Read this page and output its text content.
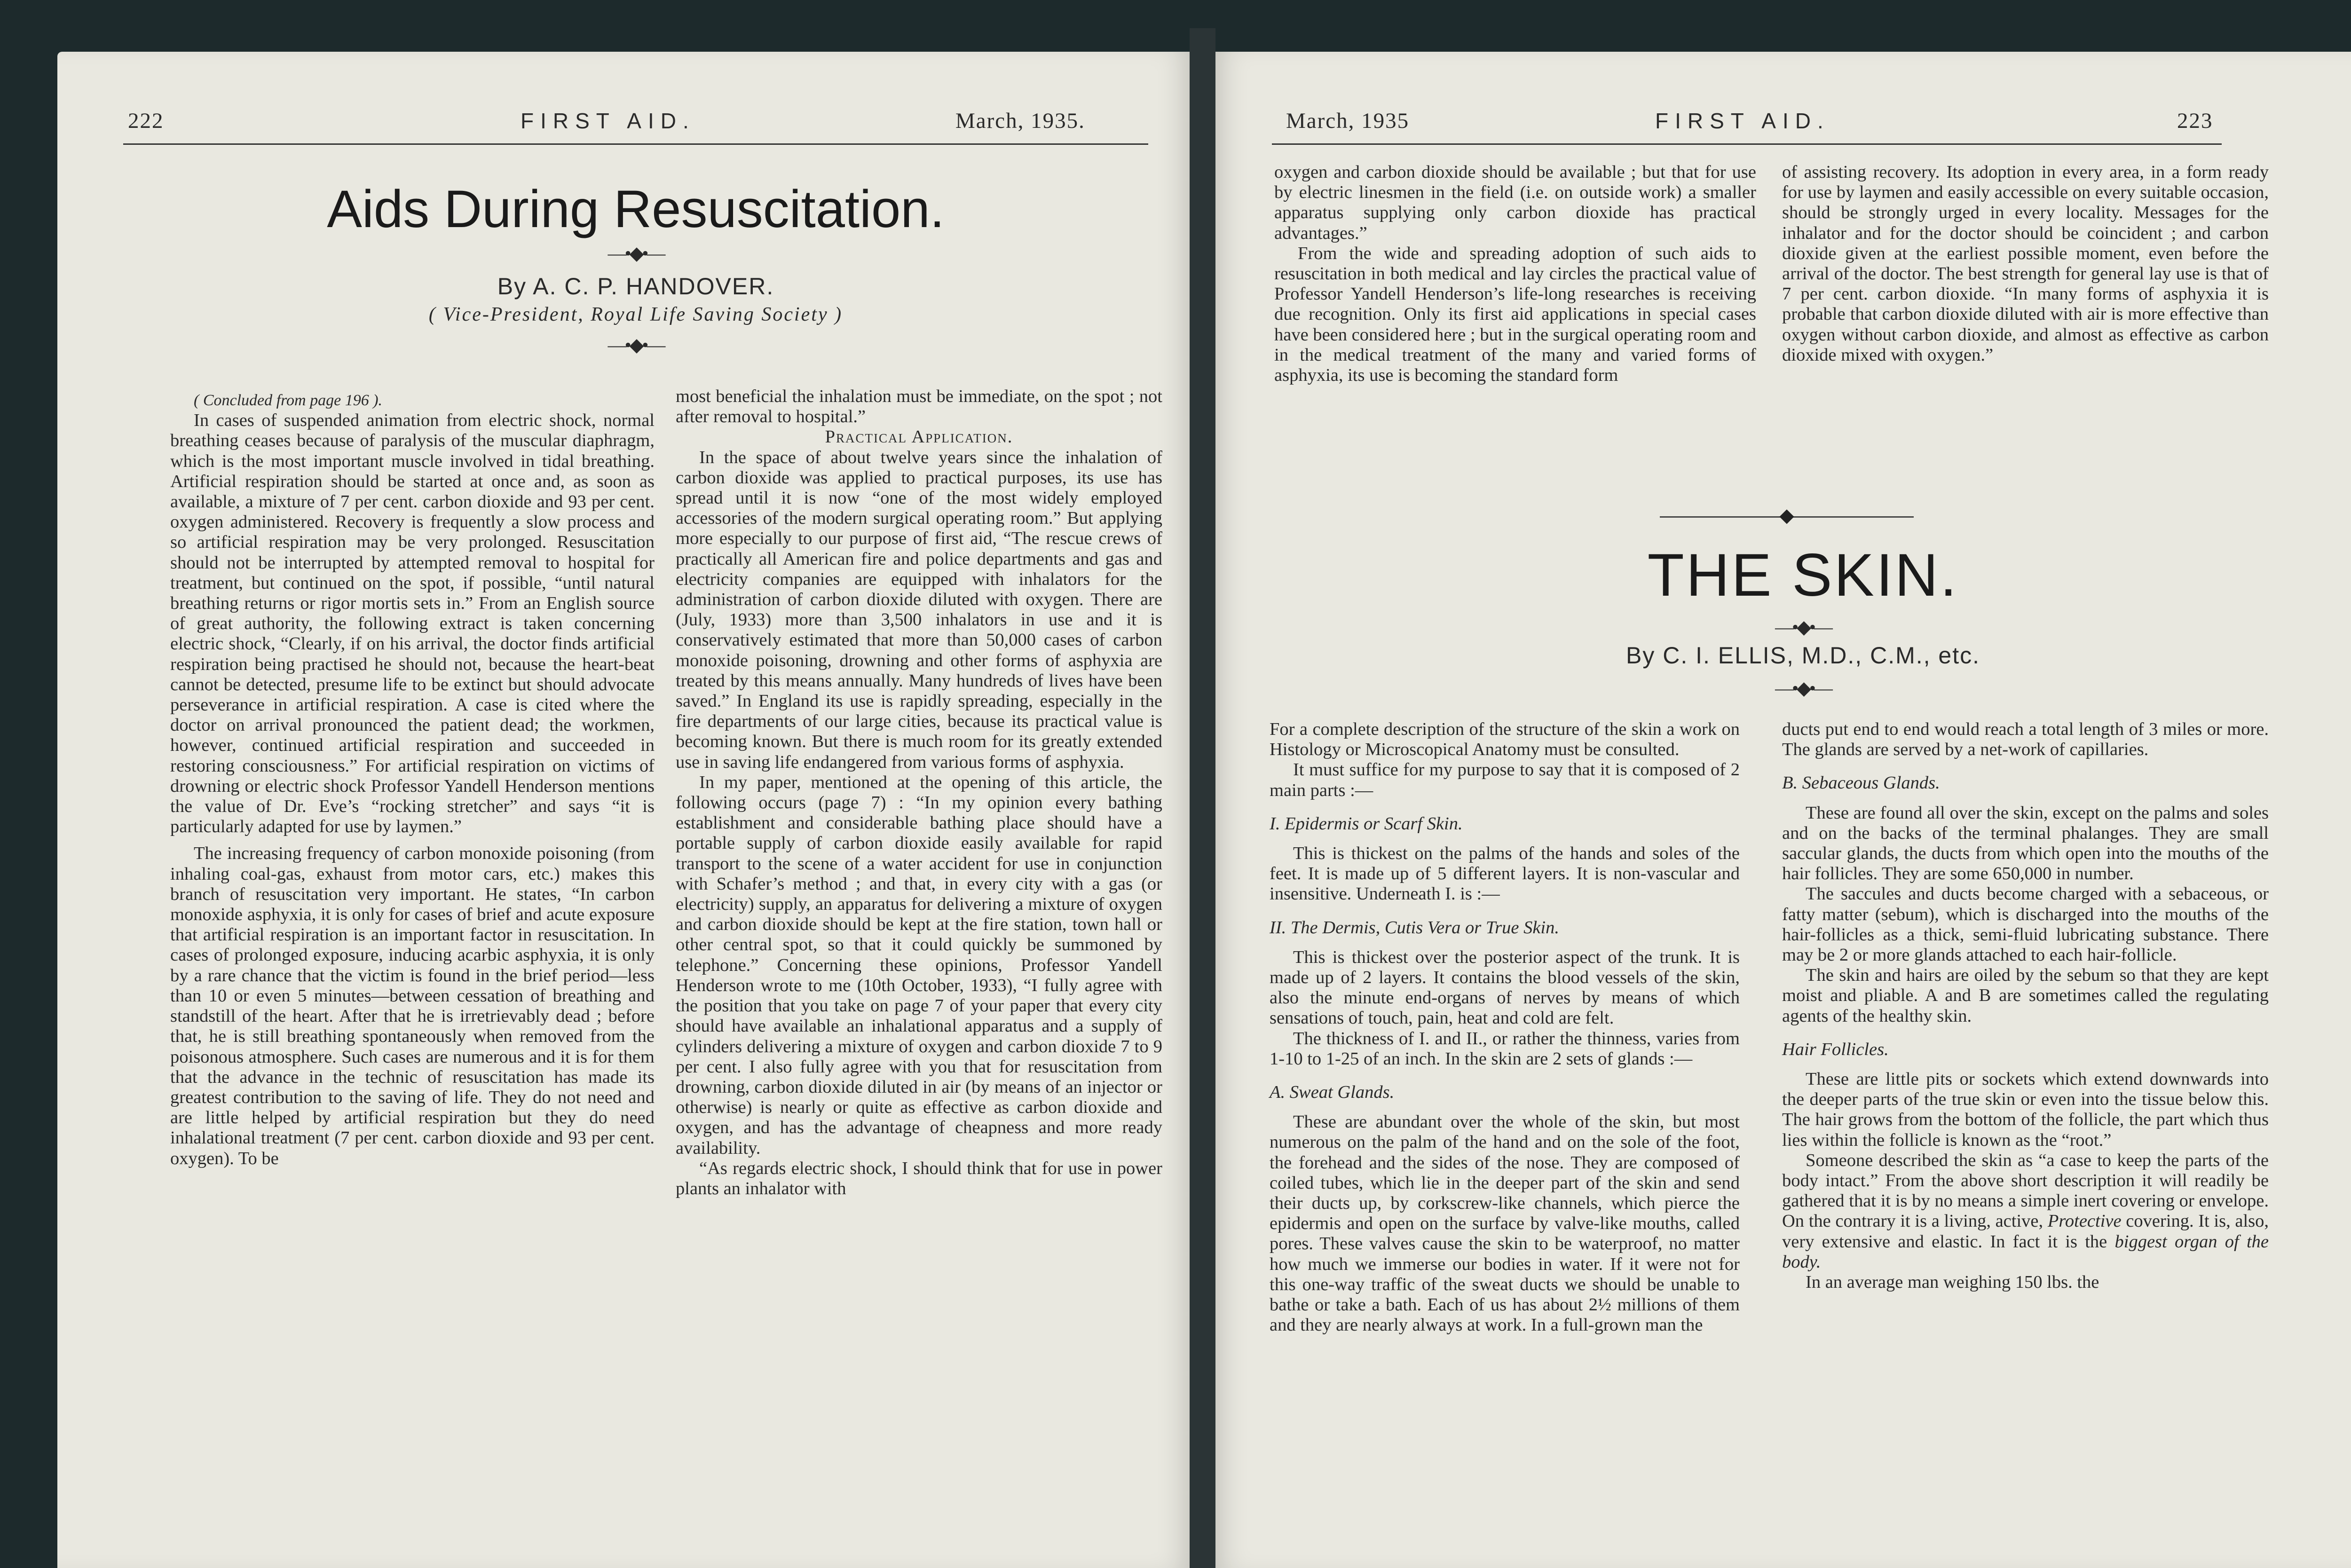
222	FIRST AID.	March, 1935.
Aids During Resuscitation.
—•◆•—
By A. C. P. HANDOVER.
( Vice-President, Royal Life Saving Society )
—•◆•—

( Concluded from page 196 ).

In cases of suspended animation from electric shock, normal breathing ceases because of paralysis of the muscular diaphragm, which is the most important muscle involved in tidal breathing. Artificial respiration should be started at once and, as soon as available, a mixture of 7 per cent. carbon dioxide and 93 per cent. oxygen administered. Recovery is frequently a slow process and so artificial respiration may be very prolonged. Resuscitation should not be interrupted by attempted removal to hospital for treatment, but continued on the spot, if possible, “until natural breathing returns or rigor mortis sets in.” From an English source of great authority, the following extract is taken concerning electric shock, “Clearly, if on his arrival, the doctor finds artificial respiration being practised he should not, because the heart-beat cannot be detected, presume life to be extinct but should advocate perseverance in artificial respiration. A case is cited where the doctor on arrival pronounced the patient dead; the workmen, however, continued artificial respiration and succeeded in restoring consciousness.” For artificial respiration on victims of drowning or electric shock Professor Yandell Henderson mentions the value of Dr. Eve’s “rocking stretcher” and says “it is particularly adapted for use by laymen.”

The increasing frequency of carbon monoxide poisoning (from inhaling coal-gas, exhaust from motor cars, etc.) makes this branch of resuscitation very important. He states, “In carbon monoxide asphyxia, it is only for cases of brief and acute exposure that artificial respiration is an important factor in resuscitation. In cases of prolonged exposure, inducing acarbic asphyxia, it is only by a rare chance that the victim is found in the brief period—less than 10 or even 5 minutes—between cessation of breathing and standstill of the heart. After that he is irretrievably dead ; before that, he is still breathing spontaneously when removed from the poisonous atmosphere. Such cases are numerous and it is for them that the advance in the technic of resuscitation has made its greatest contribution to the saving of life. They do not need and are little helped by artificial respiration but they do need inhalational treatment (7 per cent. carbon dioxide and 93 per cent. oxygen). To be

most beneficial the inhalation must be immediate, on the spot ; not after removal to hospital.”

Practical Application.

In the space of about twelve years since the inhalation of carbon dioxide was applied to practical purposes, its use has spread until it is now “one of the most widely employed accessories of the modern surgical operating room.” But applying more especially to our purpose of first aid, “The rescue crews of practically all American fire and police departments and gas and electricity companies are equipped with inhalators for the administration of carbon dioxide diluted with oxygen. There are (July, 1933) more than 3,500 inhalators in use and it is conservatively estimated that more than 50,000 cases of carbon monoxide poisoning, drowning and other forms of asphyxia are treated by this means annually. Many hundreds of lives have been saved.” In England its use is rapidly spreading, especially in the fire departments of our large cities, because its practical value is becoming known. But there is much room for its greatly extended use in saving life endangered from various forms of asphyxia.

In my paper, mentioned at the opening of this article, the following occurs (page 7) : “In my opinion every bathing establishment and considerable bathing place should have a portable supply of carbon dioxide easily available for rapid transport to the scene of a water accident for use in conjunction with Schafer’s method ; and that, in every city with a gas (or electricity) supply, an apparatus for delivering a mixture of oxygen and carbon dioxide should be kept at the fire station, town hall or other central spot, so that it could quickly be summoned by telephone.” Concerning these opinions, Professor Yandell Henderson wrote to me (10th October, 1933), “I fully agree with the position that you take on page 7 of your paper that every city should have available an inhalational apparatus and a supply of cylinders delivering a mixture of oxygen and carbon dioxide 7 to 9 per cent. I also fully agree with you that for resuscitation from drowning, carbon dioxide diluted in air (by means of an injector or otherwise) is nearly or quite as effective as carbon dioxide and oxygen, and has the advantage of cheapness and more ready availability.

“As regards electric shock, I should think that for use in power plants an inhalator with

March, 1935	FIRST AID.	223

oxygen and carbon dioxide should be available ; but that for use by electric linesmen in the field (i.e. on outside work) a smaller apparatus supplying only carbon dioxide has practical advantages.”

From the wide and spreading adoption of such aids to resuscitation in both medical and lay circles the practical value of Professor Yandell Henderson’s life-long researches is receiving due recognition. Only its first aid applications in special cases have been considered here ; but in the surgical operating room and in the medical treatment of the many and varied forms of asphyxia, its use is becoming the standard form

of assisting recovery. Its adoption in every area, in a form ready for use by laymen and easily accessible on every suitable occasion, should be strongly urged in every locality. Messages for the inhalator and for the doctor should be coincident ; and carbon dioxide given at the earliest possible moment, even before the arrival of the doctor. The best strength for general lay use is that of 7 per cent. carbon dioxide. “In many forms of asphyxia it is probable that carbon dioxide diluted with air is more effective than oxygen without carbon dioxide, and almost as effective as carbon dioxide mixed with oxygen.”

THE SKIN.
—•◆•—
By C. I. ELLIS, M.D., C.M., etc.
—•◆•—

For a complete description of the structure of the skin a work on Histology or Microscopical Anatomy must be consulted.

It must suffice for my purpose to say that it is composed of 2 main parts :—

I. Epidermis or Scarf Skin.

This is thickest on the palms of the hands and soles of the feet. It is made up of 5 different layers. It is non-vascular and insensitive. Underneath I. is :—

II. The Dermis, Cutis Vera or True Skin.

This is thickest over the posterior aspect of the trunk. It is made up of 2 layers. It contains the blood vessels of the skin, also the minute end-organs of nerves by means of which sensations of touch, pain, heat and cold are felt.

The thickness of I. and II., or rather the thinness, varies from 1-10 to 1-25 of an inch. In the skin are 2 sets of glands :—

A. Sweat Glands.

These are abundant over the whole of the skin, but most numerous on the palm of the hand and on the sole of the foot, the forehead and the sides of the nose. They are composed of coiled tubes, which lie in the deeper part of the skin and send their ducts up, by corkscrew-like channels, which pierce the epidermis and open on the surface by valve-like mouths, called pores. These valves cause the skin to be waterproof, no matter how much we immerse our bodies in water. If it were not for this one-way traffic of the sweat ducts we should be unable to bathe or take a bath. Each of us has about 2½ millions of them and they are nearly always at work. In a full-grown man the

ducts put end to end would reach a total length of 3 miles or more. The glands are served by a net-work of capillaries.

B. Sebaceous Glands.

These are found all over the skin, except on the palms and soles and on the backs of the terminal phalanges. They are small saccular glands, the ducts from which open into the mouths of the hair follicles. They are some 650,000 in number.

The saccules and ducts become charged with a sebaceous, or fatty matter (sebum), which is discharged into the mouths of the hair-follicles as a thick, semi-fluid lubricating substance. There may be 2 or more glands attached to each hair-follicle.

The skin and hairs are oiled by the sebum so that they are kept moist and pliable. A and B are sometimes called the regulating agents of the healthy skin.

Hair Follicles.

These are little pits or sockets which extend downwards into the deeper parts of the true skin or even into the tissue below this. The hair grows from the bottom of the follicle, the part which thus lies within the follicle is known as the “root.”

Someone described the skin as “a case to keep the parts of the body intact.” From the above short description it will readily be gathered that it is by no means a simple inert covering or envelope. On the contrary it is a living, active, Protective covering. It is, also, very extensive and elastic. In fact it is the biggest organ of the body.

In an average man weighing 150 lbs. the
